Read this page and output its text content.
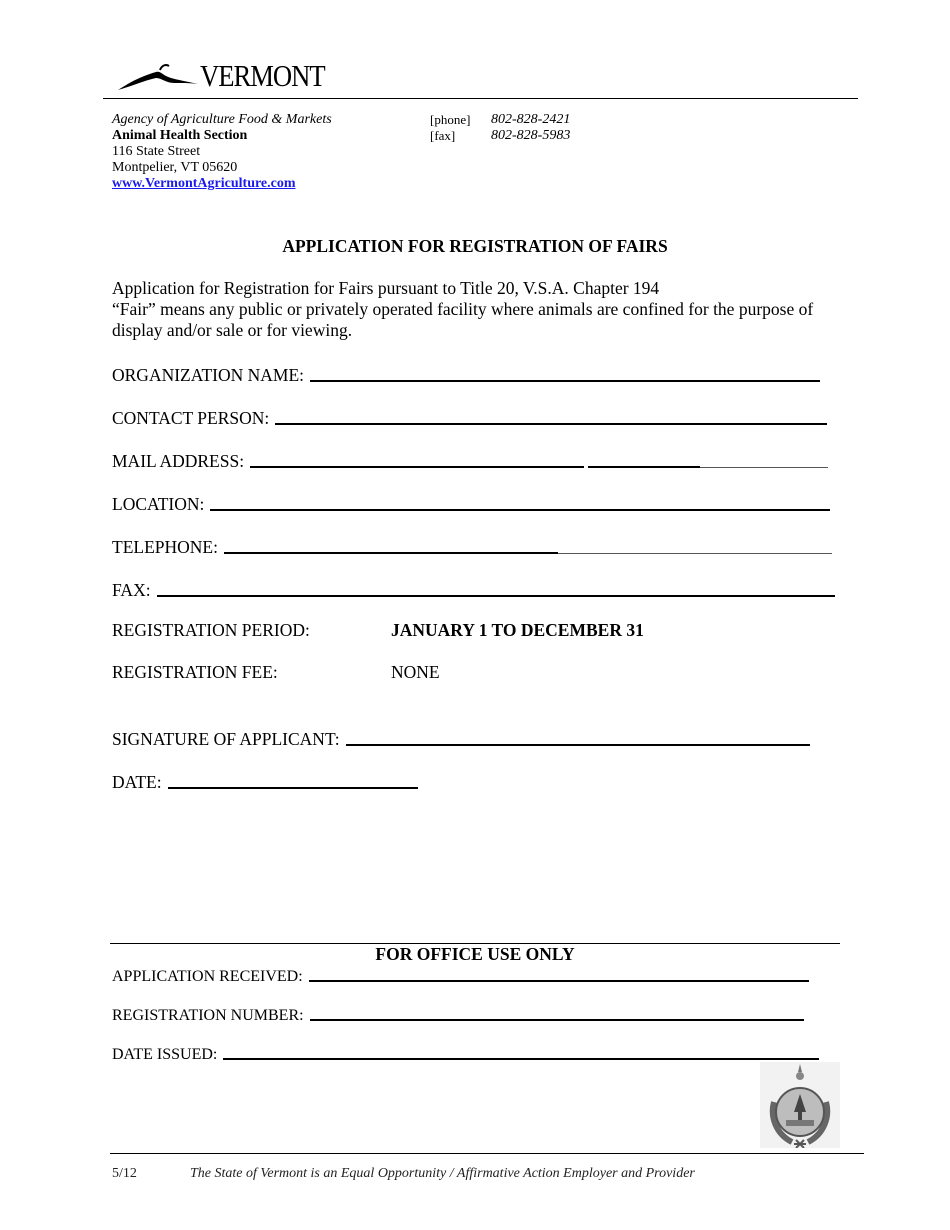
VERMONT
Agency of Agriculture Food & Markets
Animal Health Section
116 State Street
Montpelier, VT 05620
www.VermontAgriculture.com
[phone]	802-828-2421
[fax]	802-828-5983
APPLICATION FOR REGISTRATION OF FAIRS
Application for Registration for Fairs pursuant to Title 20, V.S.A. Chapter 194
“Fair” means any public or privately operated facility where animals are confined for the purpose of display and/or sale or for viewing.
ORGANIZATION NAME:
CONTACT PERSON:
MAIL ADDRESS:
LOCATION:
TELEPHONE:
FAX:
REGISTRATION PERIOD:	JANUARY 1 TO DECEMBER 31
REGISTRATION FEE:	NONE
SIGNATURE OF APPLICANT:
DATE:
FOR OFFICE USE ONLY
APPLICATION RECEIVED:
REGISTRATION NUMBER:
DATE ISSUED:
5/12	The State of Vermont is an Equal Opportunity / Affirmative Action Employer and Provider
